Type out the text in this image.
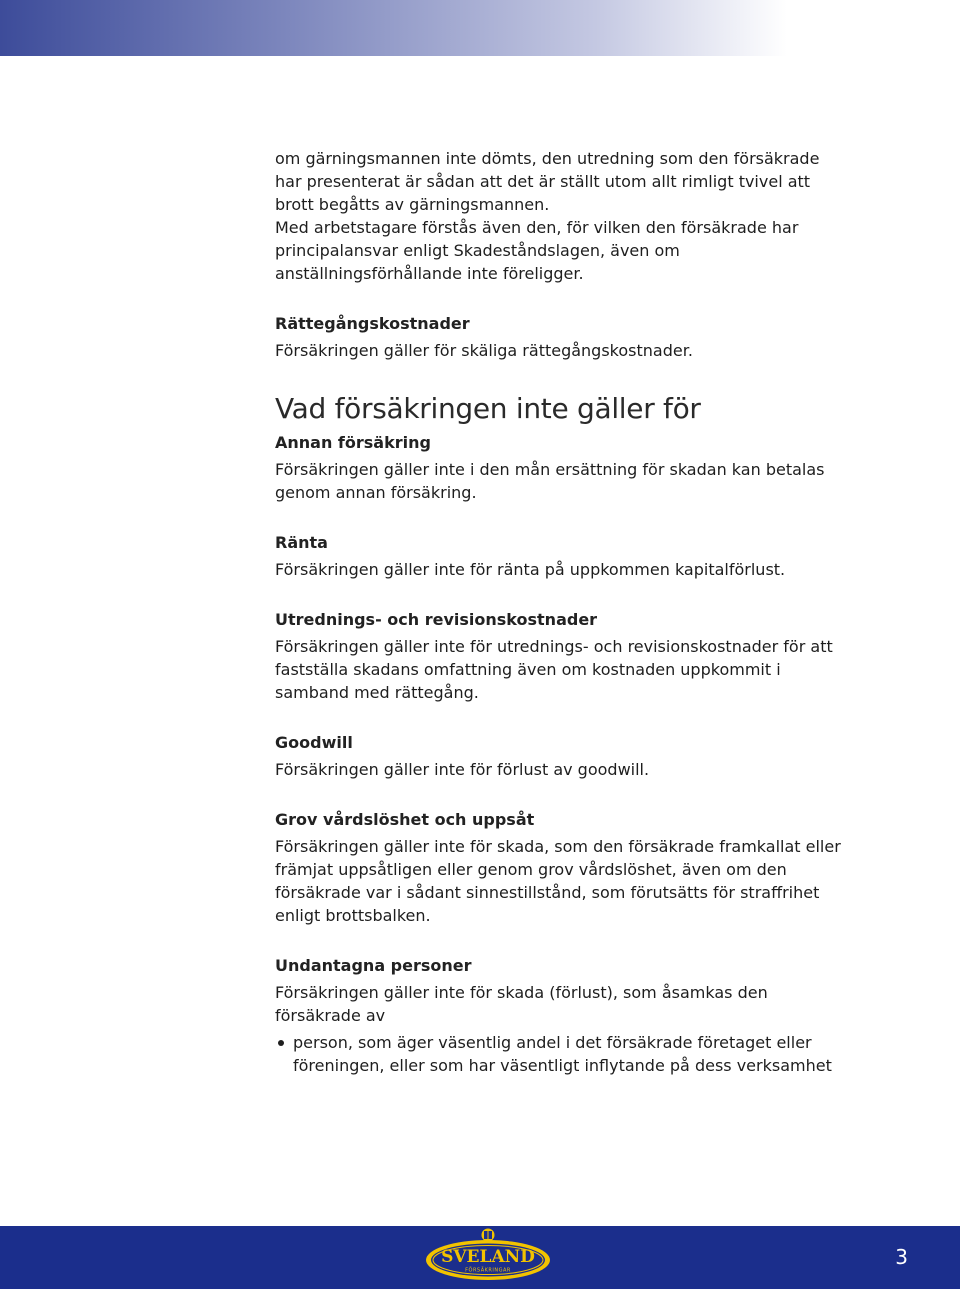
om gärningsmannen inte dömts, den utredning som den försäkrade har presenterat är sådan att det är ställt utom allt rimligt tvivel att brott begåtts av gärningsmannen.

Med arbetstagare förstås även den, för vilken den försäkrade har principalansvar enligt Skadeståndslagen, även om anställningsförhållande inte föreligger.

Rättegångskostnader

Försäkringen gäller för skäliga rättegångskostnader.

Vad försäkringen inte gäller för
Annan försäkring

Försäkringen gäller inte i den mån ersättning för skadan kan betalas genom annan försäkring.

Ränta

Försäkringen gäller inte för ränta på uppkommen kapitalförlust.

Utrednings- och revisionskostnader

Försäkringen gäller inte för utrednings- och revisionskostnader för att fastställa skadans omfattning även om kostnaden uppkommit i samband med rättegång.

Goodwill

Försäkringen gäller inte för förlust av goodwill.

Grov vårdslöshet och uppsåt

Försäkringen gäller inte för skada, som den försäkrade framkallat eller främjat uppsåtligen eller genom grov vårdslöshet, även om den försäkrade var i sådant sinnestillstånd, som förutsätts för straffrihet enligt brottsbalken.

Undantagna personer

Försäkringen gäller inte för skada (förlust), som åsamkas den försäkrade av

person, som äger väsentlig andel i det försäkrade företaget eller föreningen, eller som har väsentligt inflytande på dess verksamhet
SVELAND
FÖRSÄKRINGAR
3
